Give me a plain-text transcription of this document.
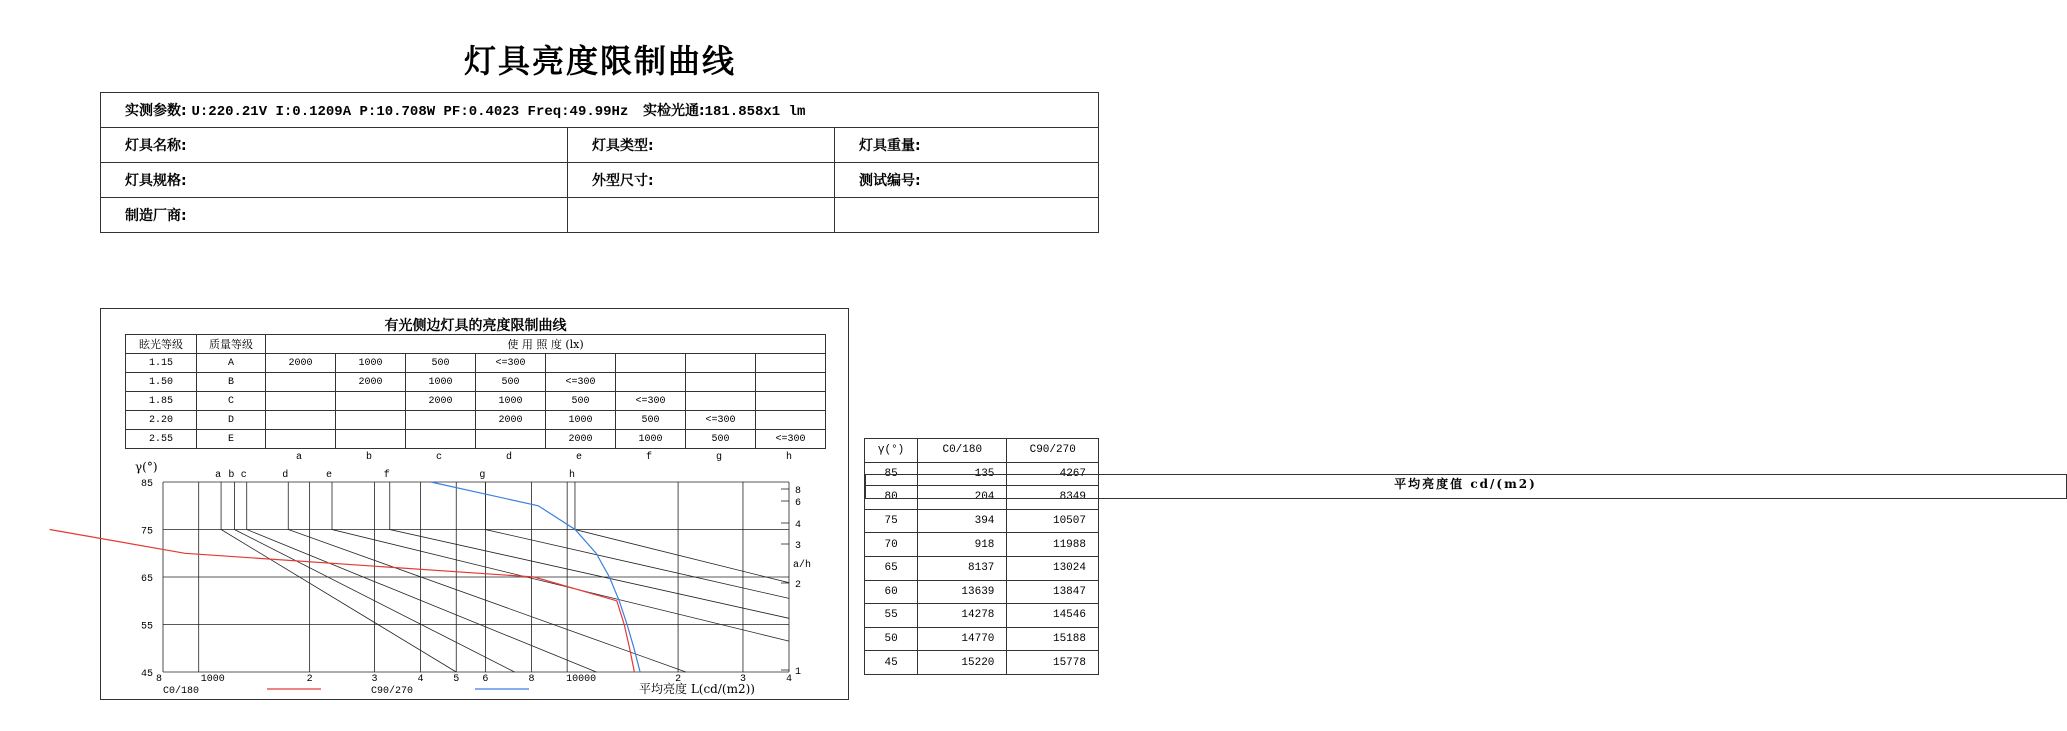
灯具亮度限制曲线
实测参数: U:220.21V I:0.1209A P:10.708W PF:0.4023 Freq:49.99Hz 实检光通:181.858x1 lm		
灯具名称:	灯具类型:	灯具重量:
灯具规格:	外型尺寸:	测试编号:
制造厂商:		
有光侧边灯具的亮度限制曲线
眩光等级	质量等级	使 用 照 度 (lx)							
1.15	A	2000	1000	500	<=300				
1.50	B		2000	1000	500	<=300			
1.85	C			2000	1000	500	<=300		
2.20	D				2000	1000	500	<=300	
2.55	E					2000	1000	500	<=300
a b c	d	e	f	g	h
a	b	c	d	e	f	g	h
γ(°)
85
75
65
55
45 8	1000	2	3	4	5 6	8	10000	2	3	4
a/h
8
6
4
3
2
1
C0/180	C90/270	平均亮度 L(cd/(m2))
平均亮度值 cd/(m2)

γ(°)	C0/180	C90/270
85	135	4267
80	204	8349
75	394	10507
70	918	11988
65	8137	13024
60	13639	13847
55	14278	14546
50	14770	15188
45	15220	15778
